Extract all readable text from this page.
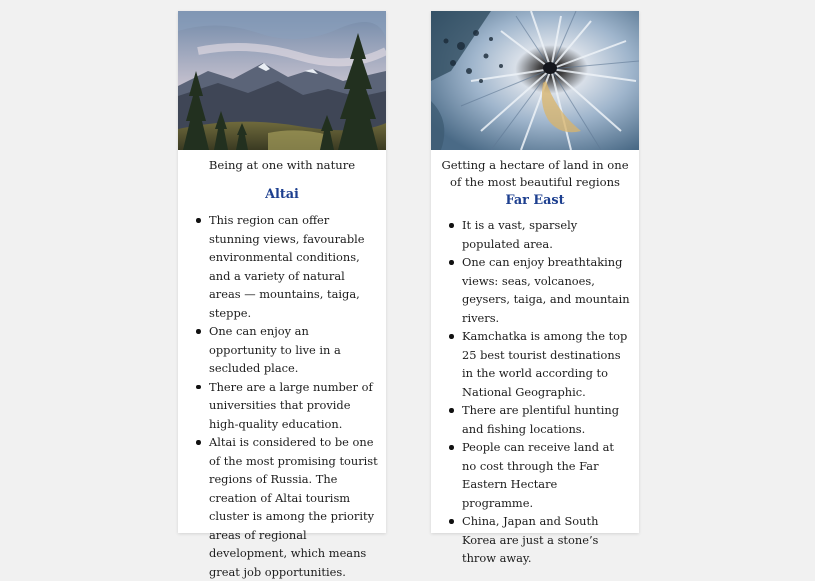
Being at one with nature

Altai
This region can offer stunning views, favourable environmental conditions, and a variety of natural areas — mountains, taiga, steppe.
One can enjoy an opportunity to live in a secluded place.
There are a large number of universities that provide high-quality education.
Altai is considered to be one of the most promising tourist regions of Russia. The creation of Altai tourism cluster is among the priority areas of regional development, which means great job opportunities.

Getting a hectare of land in one of the most beautiful regions

Far East
It is a vast, sparsely populated area.
One can enjoy breathtaking views: seas, volcanoes, geysers, taiga, and mountain rivers.
Kamchatka is among the top 25 best tourist destinations in the world according to National Geographic.
There are plentiful hunting and fishing locations.
People can receive land at no cost through the Far Eastern Hectare programme.
China, Japan and South Korea are just a stone’s throw away.
